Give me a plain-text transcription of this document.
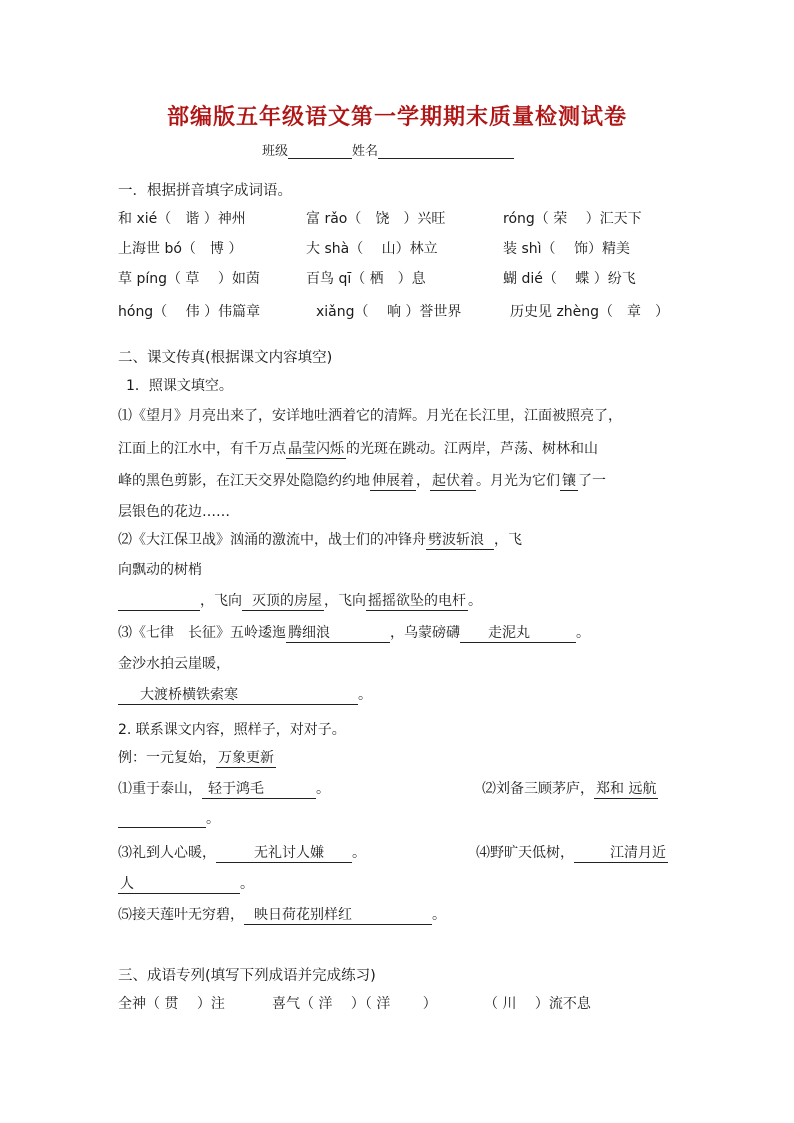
部编版五年级语文第一学期期末质量检测试卷
班级	姓名
一．根据拼音填字成词语。
和 xié（　谐 ）神州	富 rǎo（　饶　）兴旺	róng（ 荣　 ）汇天下
上海世 bó（　博 ）	大 shà（　 山）林立	装 shì（　 饰）精美
草 píng（ 草　 ）如茵	百鸟 qī（ 栖　）息	蝴 dié（　 蝶 ）纷飞
hóng（　 伟 ）伟篇章	xiǎng（　 响 ）誉世界	历史见 zhèng（　章　）
二、课文传真(根据课文内容填空)
1．照课文填空。
⑴《望月》月亮出来了，安详地吐洒着它的清辉。月光在长江里，江面被照亮了，
江面上的江水中，有千万点 晶莹闪烁 的光斑在跳动。江两岸，芦荡、树林和山
峰的黑色剪影，在江天交界处隐隐约约地 伸展着 ， 起伏着 。月光为它们 镶 了一
层银色的花边……
⑵《大江保卫战》汹涌的激流中，战士们的冲锋舟 劈波斩浪 ，飞
向飘动的树梢
，飞向 灭顶的房屋 ，飞向 摇摇欲坠的电杆 。
⑶《七律　长征》五岭逶迤 腾细浪	，乌蒙磅礴 走泥丸	。
金沙水拍云崖暖，
大渡桥横铁索寒	。
2. 联系课文内容，照样子，对对子。
例：一元复始， 万象更新
⑴重于泰山， 轻于鸿毛	。	⑵刘备三顾茅庐， 郑和 远航
。
⑶礼到人心暖，	无礼讨人嫌 。	⑷野旷天低树，	江清月近
人	。
⑸接天莲叶无穷碧， 映日荷花别样红	。
三、成语专列(填写下列成语并完成练习)
全神（ 贯　 ）注	喜气（ 洋　 ）（ 洋　　 ）	（ 川　 ）流不息
